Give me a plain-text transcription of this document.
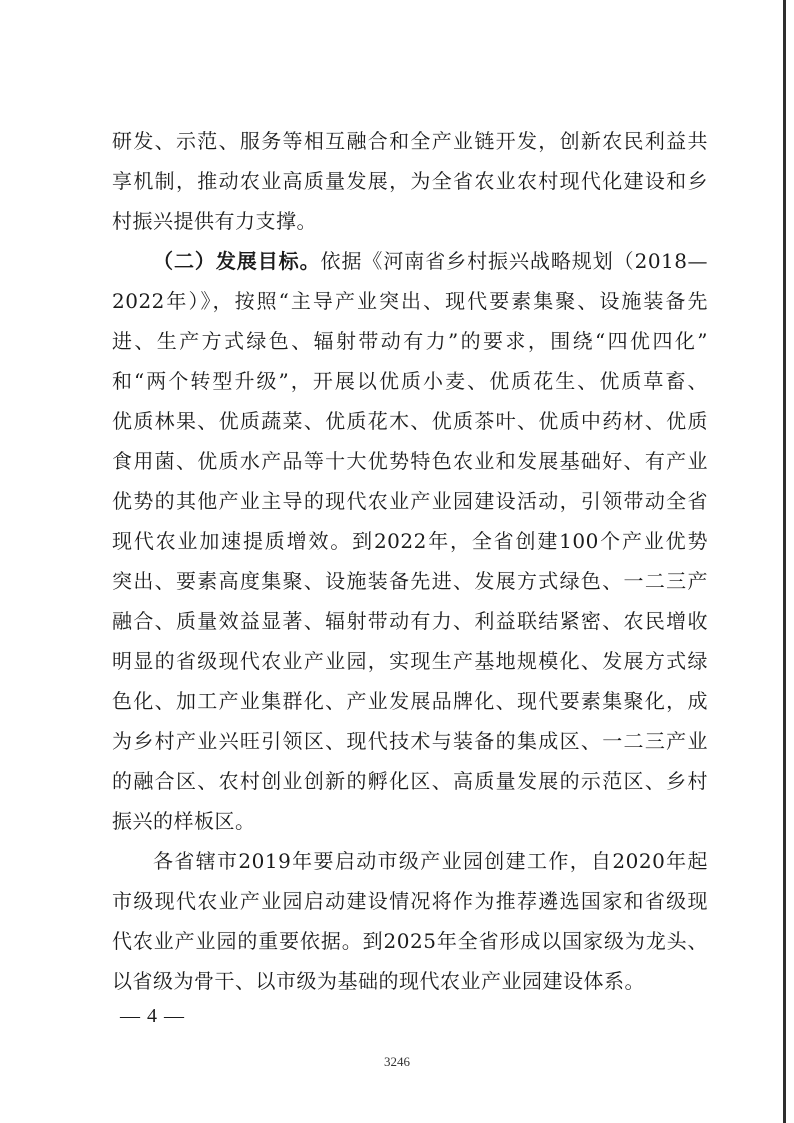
研发、示范、服务等相互融合和全产业链开发，创新农民利益共
享机制，推动农业高质量发展，为全省农业农村现代化建设和乡
村振兴提供有力支撑。
（二）发展目标。依据《河南省乡村振兴战略规划（2018—
2022年）》，按照“主导产业突出、现代要素集聚、设施装备先
进、生产方式绿色、辐射带动有力”的要求，围绕“四优四化”
和“两个转型升级”，开展以优质小麦、优质花生、优质草畜、
优质林果、优质蔬菜、优质花木、优质茶叶、优质中药材、优质
食用菌、优质水产品等十大优势特色农业和发展基础好、有产业
优势的其他产业主导的现代农业产业园建设活动，引领带动全省
现代农业加速提质增效。到2022年，全省创建100个产业优势
突出、要素高度集聚、设施装备先进、发展方式绿色、一二三产
融合、质量效益显著、辐射带动有力、利益联结紧密、农民增收
明显的省级现代农业产业园，实现生产基地规模化、发展方式绿
色化、加工产业集群化、产业发展品牌化、现代要素集聚化，成
为乡村产业兴旺引领区、现代技术与装备的集成区、一二三产业
的融合区、农村创业创新的孵化区、高质量发展的示范区、乡村
振兴的样板区。
各省辖市2019年要启动市级产业园创建工作，自2020年起
市级现代农业产业园启动建设情况将作为推荐遴选国家和省级现
代农业产业园的重要依据。到2025年全省形成以国家级为龙头、
以省级为骨干、以市级为基础的现代农业产业园建设体系。
— 4 —
3246
